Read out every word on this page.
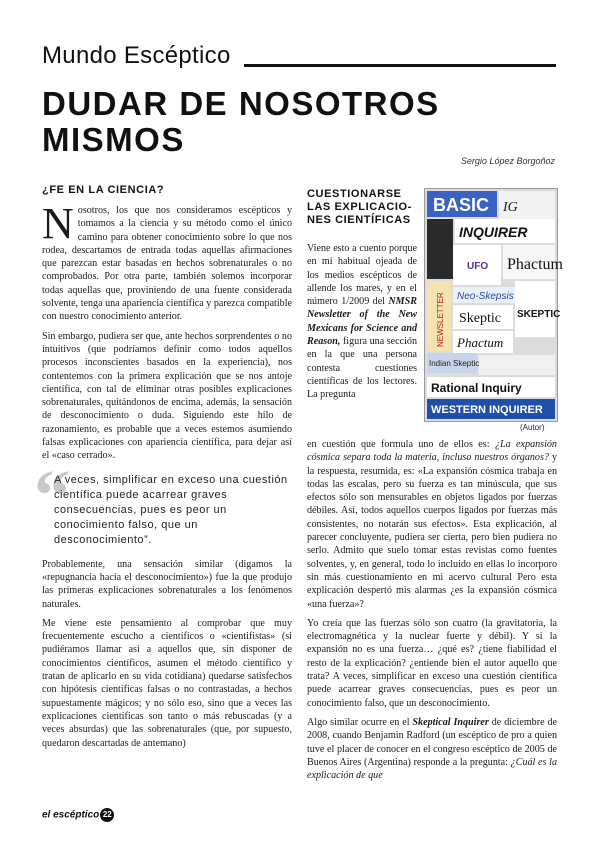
Mundo Escéptico
DUDAR DE NOSOTROS
MISMOS
Sergio López Borgoñoz
¿FE EN LA CIENCIA?

Nosotros, los que nos consideramos escépticos y tomamos a la ciencia y su método como el único camino para obtener conocimiento sobre lo que nos rodea, descartamos de entrada todas aquellas afirmaciones que parezcan estar basadas en hechos sobrenaturales o no comprobados. Por otra parte, también solemos incorporar todas aquellas que, proviniendo de una fuente considerada solvente, tenga una apariencia científica y parezca compatible con nuestro conocimiento anterior.

Sin embargo, pudiera ser que, ante hechos sorprendentes o no intuitivos (que podríamos definir como todos aquellos procesos inconscientes basados en la experiencia), nos contentemos con la primera explicación que se nos antoje científica, con tal de eliminar otras posibles explicaciones sobrenaturales, quitándonos de encima, además, la sensación de desconocimiento o duda. Siguiendo este hilo de razonamiento, es probable que a veces estemos asumiendo falsas explicaciones con apariencia científica, para dejar así el «caso cerrado».

“
A veces, simplificar en exceso una cuestión científica puede acarrear graves consecuencias, pues es peor un conocimiento falso, que un desconocimiento”.

Probablemente, una sensación similar (digamos la «repugnancia hacia el desconocimiento») fue la que produjo las primeras explicaciones sobrenaturales a los fenómenos naturales.

Me viene este pensamiento al comprobar que muy frecuentemente escucho a científicos o «cientifistas» (si pudiéramos llamar así a aquellos que, sin disponer de conocimientos científicos, asumen el método científico y tratan de aplicarlo en su vida cotidiana) quedarse satisfechos con hipótesis científicas falsas o no contrastadas, a hechos supuestamente mágicos; y no sólo eso, sino que a veces las explicaciones científicas son tanto o más rebuscadas (y a veces absurdas) que las sobrenaturales (que, por supuesto, quedaron descartadas de antemano)

CUESTIONARSE LAS EXPLICACIO-NES CIENTÍFICAS

Viene esto a cuento porque en mi habitual ojeada de los medios escépticos de allende los mares, y en el número 1/2009 del NMSR Newsletter of the New Mexicans for Science and Reason, figura una sección en la que una persona contesta cuestiones científicas de los lectores. La pregunta

BASIC IG
INQUIRER
NEWSLETTER
UFO Phactum
Neo-Skepsis
Skeptic SKEPTIC
Phactum
Indian Skeptic
Rational Inquiry
WESTERN INQUIRER
(Autor)

en cuestión que formula uno de ellos es: ¿La expansión cósmica separa toda la materia, incluso nuestros órganos? y la respuesta, resumida, es: «La expansión cósmica trabaja en todas las escalas, pero su fuerza es tan minúscula, que sus efectos sólo son mensurables en objetos ligados por fuerzas débiles. Así, todos aquellos cuerpos ligados por fuerzas más consistentes, no notarán sus efectos». Esta explicación, al parecer concluyente, pudiera ser cierta, pero bien pudiera no serlo. Admito que suelo tomar estas revistas como fuentes solventes, y, en general, todo lo incluido en ellas lo incorporo sin más cuestionamiento en mi acervo cultural Pero esta explicación despertó mis alarmas ¿es la expansión cósmica «una fuerza»?

Yo creía que las fuerzas sólo son cuatro (la gravitatoria, la electromagnética y la nuclear fuerte y débil). Y si la expansión no es una fuerza… ¿qué es? ¿tiene fiabilidad el resto de la explicación? ¿entiende bien el autor aquello que trata? A veces, simplificar en exceso una cuestión científica puede acarrear graves consecuencias, pues es peor un conocimiento falso, que un desconocimiento.

Algo similar ocurre en el Skeptical Inquirer de diciembre de 2008, cuando Benjamin Radford (un escéptico de pro a quien tuve el placer de conocer en el congreso escéptico de 2005 de Buenos Aires (Argentina) responde a la pregunta: ¿Cuál es la explicación de que

el escéptico 22
